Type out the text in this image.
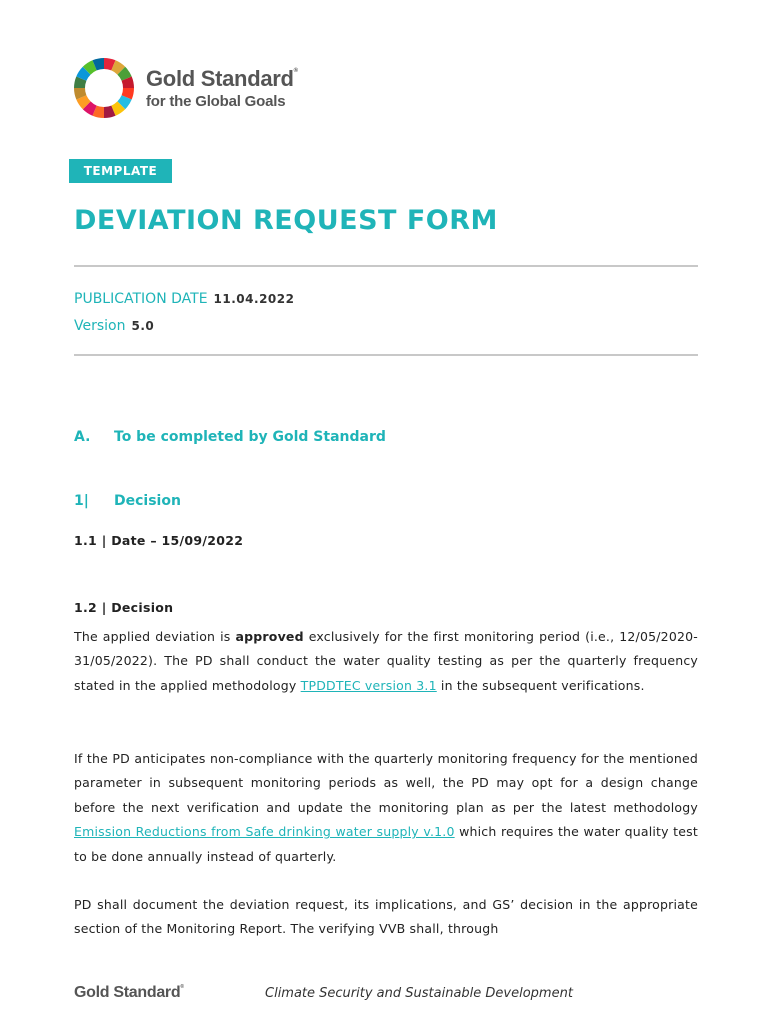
Gold Standard®
for the Global Goals
TEMPLATE
DEVIATION REQUEST FORM
PUBLICATION DATE 11.04.2022
Version 5.0
A. To be completed by Gold Standard
1| Decision
1.1 | Date – 15/09/2022
1.2 | Decision

The applied deviation is approved exclusively for the first monitoring period (i.e., 12/05/2020- 31/05/2022). The PD shall conduct the water quality testing as per the quarterly frequency stated in the applied methodology TPDDTEC version 3.1 in the subsequent verifications.

If the PD anticipates non-compliance with the quarterly monitoring frequency for the mentioned parameter in subsequent monitoring periods as well, the PD may opt for a design change before the next verification and update the monitoring plan as per the latest methodology Emission Reductions from Safe drinking water supply v.1.0 which requires the water quality test to be done annually instead of quarterly.

PD shall document the deviation request, its implications, and GS’ decision in the appropriate section of the Monitoring Report. The verifying VVB shall, through

Gold Standard®	Climate Security and Sustainable Development
